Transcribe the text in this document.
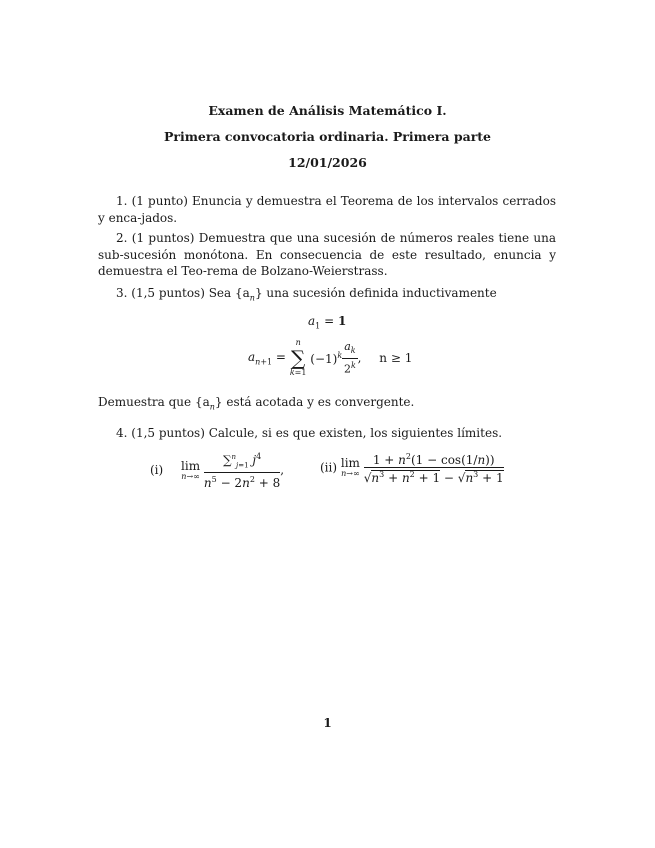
Examen de Análisis Matemático I.
Primera convocatoria ordinaria. Primera parte
12/01/2026
1. (1 punto) Enuncia y demuestra el Teorema de los intervalos cerrados y enca-jados.
2. (1 puntos) Demuestra que una sucesión de números reales tiene una sub-sucesión monótona. En consecuencia de este resultado, enuncia y demuestra el Teo-rema de Bolzano-Weierstrass.
3. (1,5 puntos) Sea $\{a_n\}$ una sucesión definida inductivamente
$a_1 = 1$
$a_{n+1}$ =
n
∑
k=1
$(-1)^k \frac{a_k}{2^k}$ , n ≥ 1
Demuestra que $\{a_n\}$ está acotada y es convergente.
4. (1,5 puntos) Calcule, si es que existen, los siguientes límites.
(i) lim
n→∞
$\frac{\sum^n_{j=1} j^4}{n^5 - 2n^2 + 8}$ ,	(ii) lim
n→∞
$\frac{1 + n^2(1 - \cos(1/n))}{√n^3 + n^2 + 1 - √n^3 + 1}$
1
